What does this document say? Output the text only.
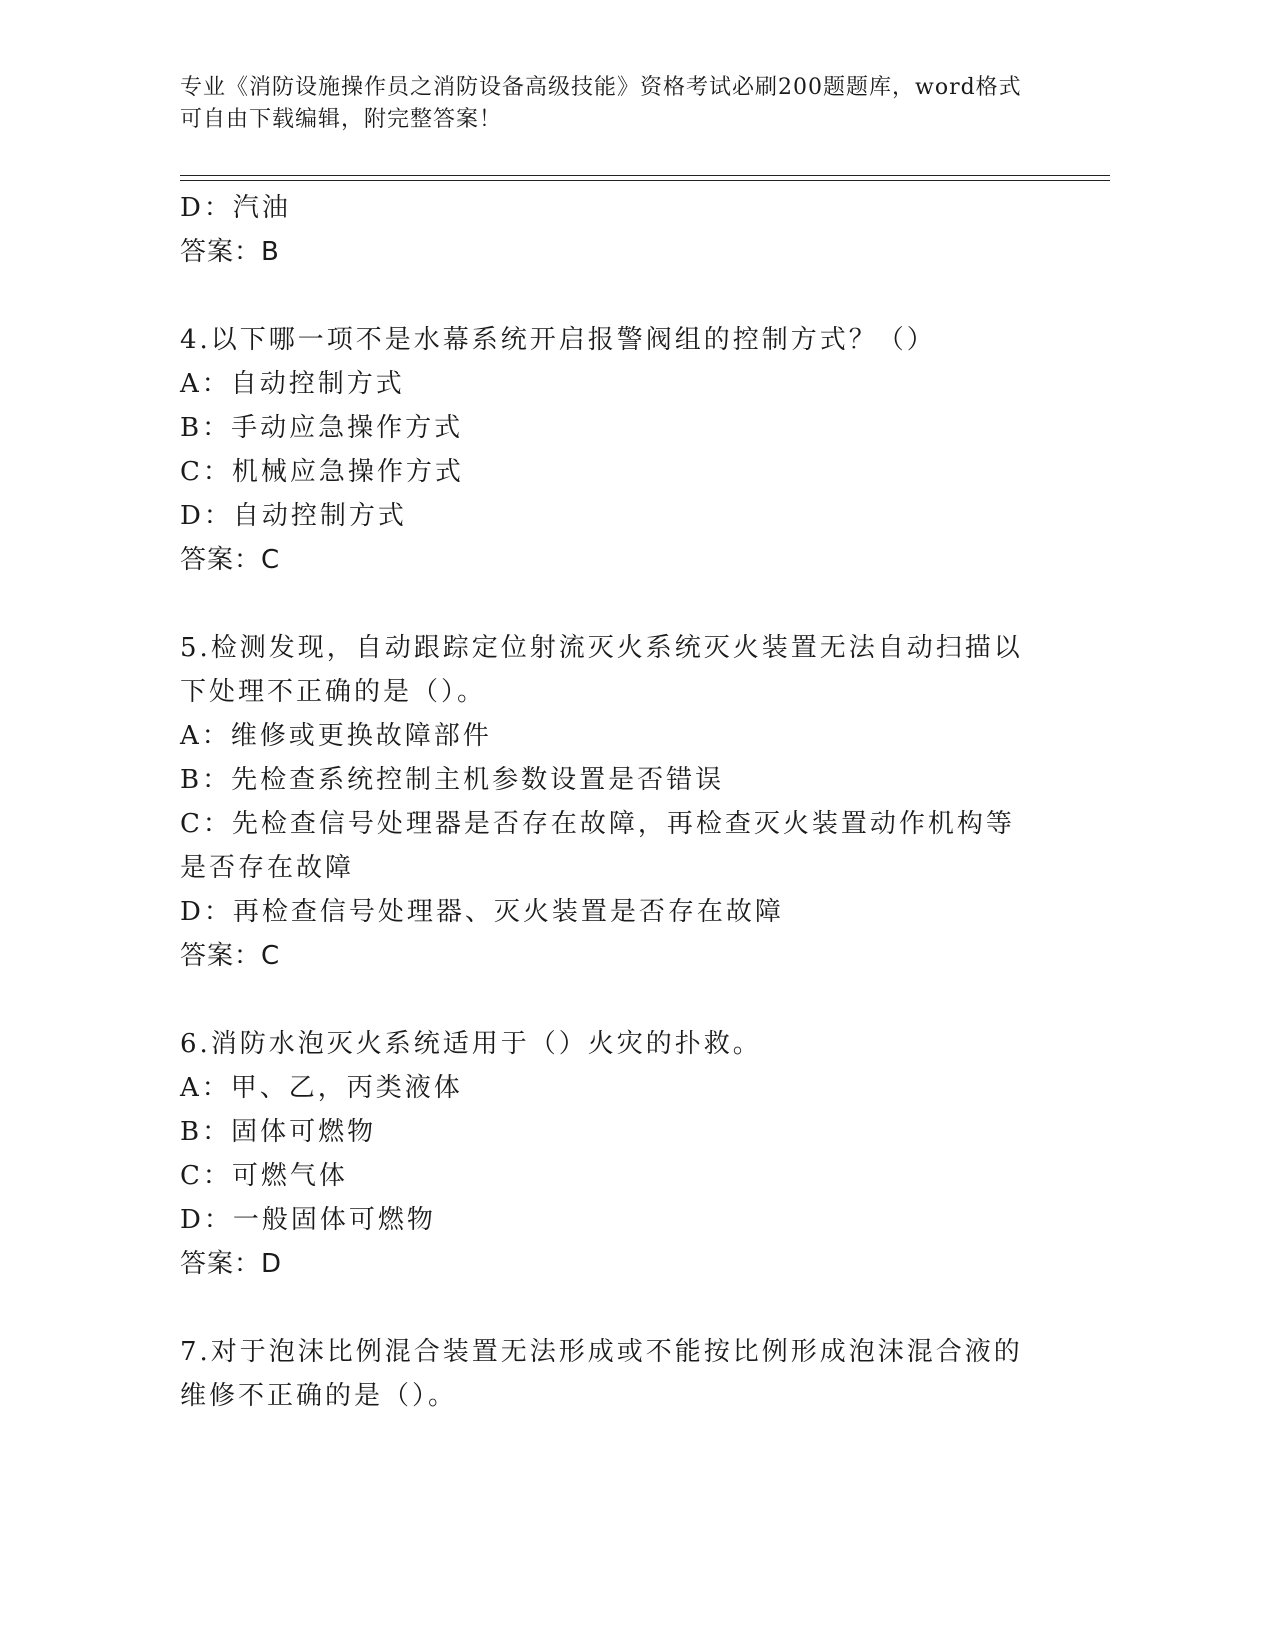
专业《消防设施操作员之消防设备高级技能》资格考试必刷200题题库，word格式可自由下载编辑，附完整答案！

D：汽油

答案：B

4.以下哪一项不是水幕系统开启报警阀组的控制方式？（）

A：自动控制方式

B：手动应急操作方式

C：机械应急操作方式

D：自动控制方式

答案：C

5.检测发现，自动跟踪定位射流灭火系统灭火装置无法自动扫描以下处理不正确的是（）。

A：维修或更换故障部件

B：先检查系统控制主机参数设置是否错误

C：先检查信号处理器是否存在故障，再检查灭火装置动作机构等是否存在故障

D：再检查信号处理器、灭火装置是否存在故障

答案：C

6.消防水泡灭火系统适用于（）火灾的扑救。

A：甲、乙，丙类液体

B：固体可燃物

C：可燃气体

D：一般固体可燃物

答案：D

7.对于泡沫比例混合装置无法形成或不能按比例形成泡沫混合液的维修不正确的是（）。
